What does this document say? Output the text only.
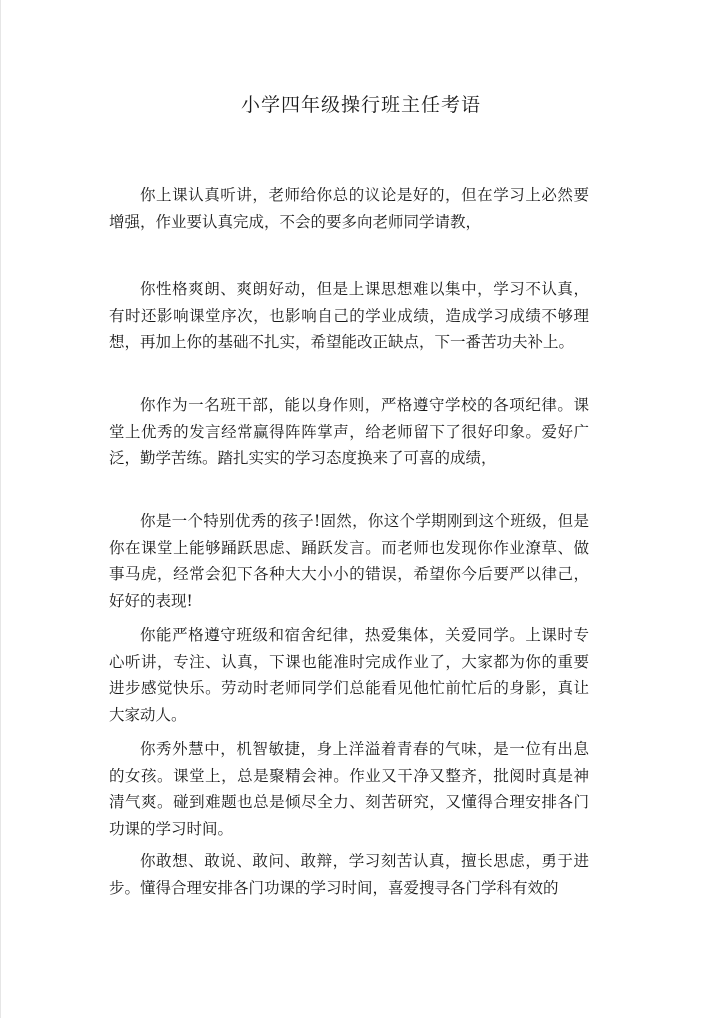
小学四年级操行班主任考语

你上课认真听讲，老师给你总的议论是好的，但在学习上必然要增强，作业要认真完成，不会的要多向老师同学请教，

你性格爽朗、爽朗好动，但是上课思想难以集中，学习不认真，有时还影响课堂序次，也影响自己的学业成绩，造成学习成绩不够理想，再加上你的基础不扎实，希望能改正缺点，下一番苦功夫补上。

你作为一名班干部，能以身作则，严格遵守学校的各项纪律。课堂上优秀的发言经常赢得阵阵掌声，给老师留下了很好印象。爱好广泛，勤学苦练。踏扎实实的学习态度换来了可喜的成绩，

你是一个特别优秀的孩子!固然，你这个学期刚到这个班级，但是你在课堂上能够踊跃思虑、踊跃发言。而老师也发现你作业潦草、做事马虎，经常会犯下各种大大小小的错误，希望你今后要严以律己，好好的表现!

你能严格遵守班级和宿舍纪律，热爱集体，关爱同学。上课时专心听讲，专注、认真，下课也能准时完成作业了，大家都为你的重要进步感觉快乐。劳动时老师同学们总能看见他忙前忙后的身影，真让大家动人。

你秀外慧中，机智敏捷，身上洋溢着青春的气味，是一位有出息的女孩。课堂上，总是聚精会神。作业又干净又整齐，批阅时真是神清气爽。碰到难题也总是倾尽全力、刻苦研究，又懂得合理安排各门功课的学习时间。

你敢想、敢说、敢问、敢辩，学习刻苦认真，擅长思虑，勇于进步。懂得合理安排各门功课的学习时间，喜爱搜寻各门学科有效的
